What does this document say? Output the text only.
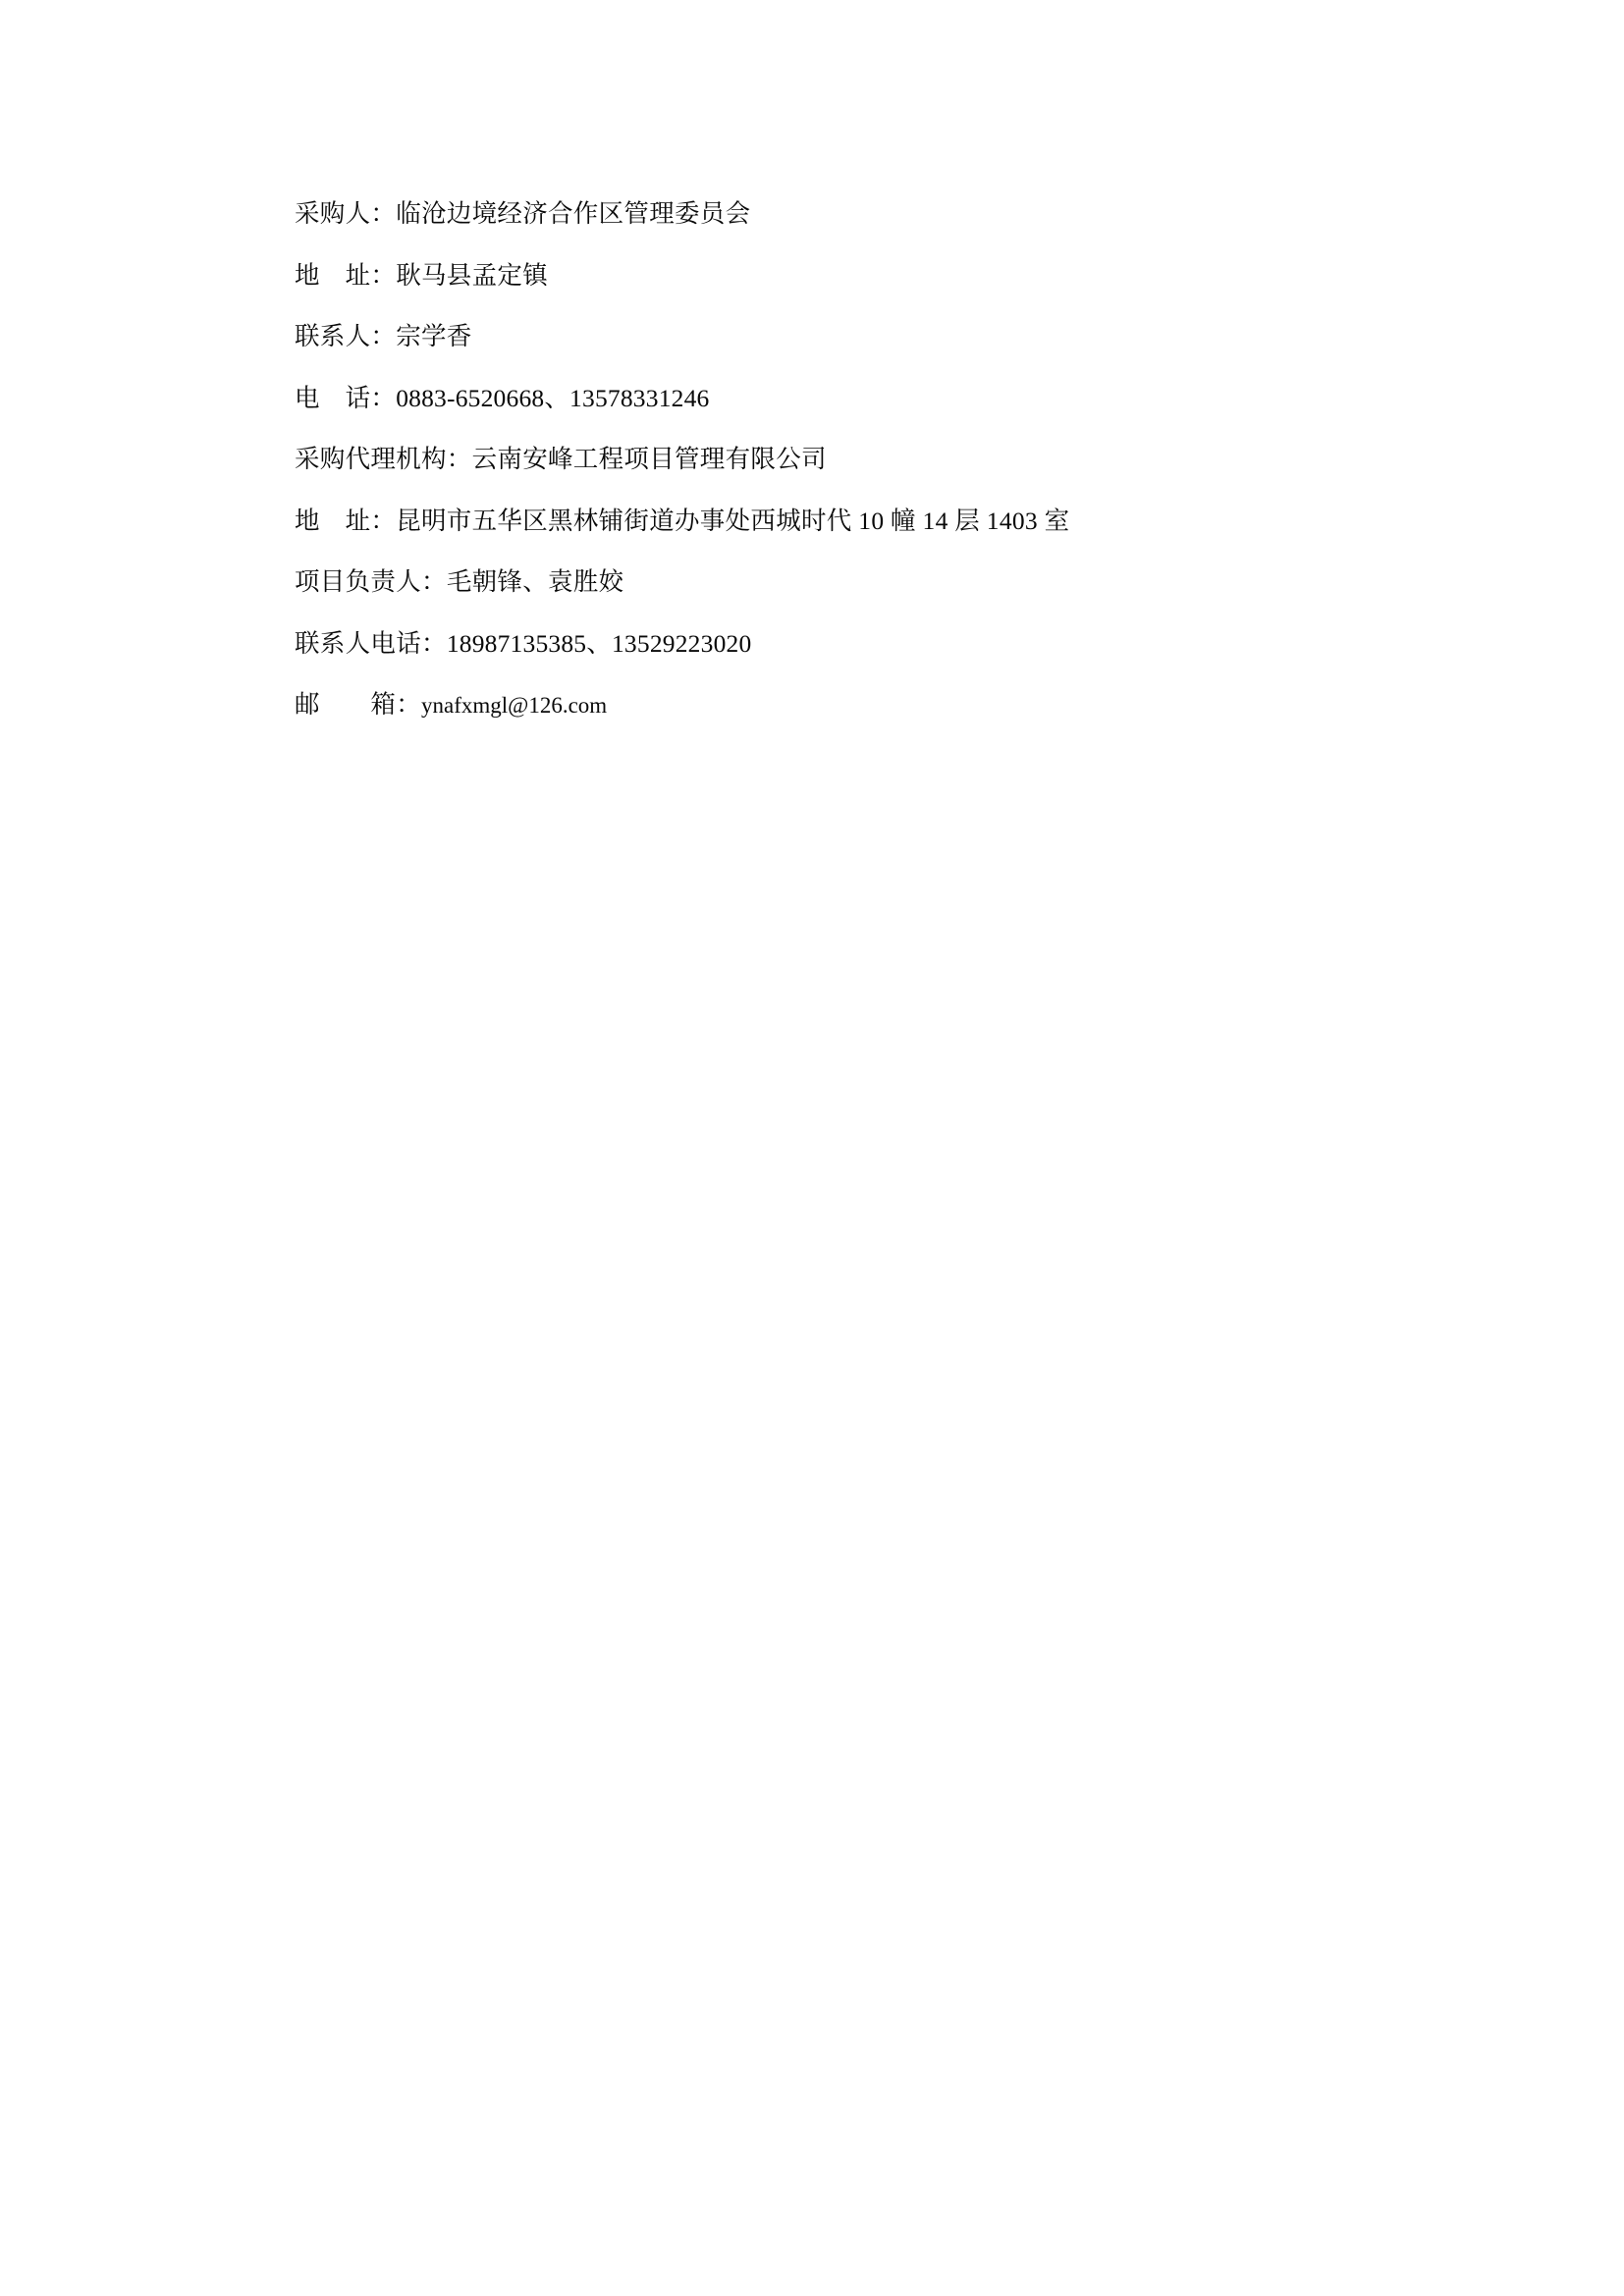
采购人：临沧边境经济合作区管理委员会

地　址：耿马县孟定镇

联系人：宗学香

电　话：0883-6520668、13578331246

采购代理机构：云南安峰工程项目管理有限公司

地　址：昆明市五华区黑林铺街道办事处西城时代 10 幢 14 层 1403 室

项目负责人：毛朝锋、袁胜姣

联系人电话：18987135385、13529223020

邮　　箱：ynafxmgl@126.com
